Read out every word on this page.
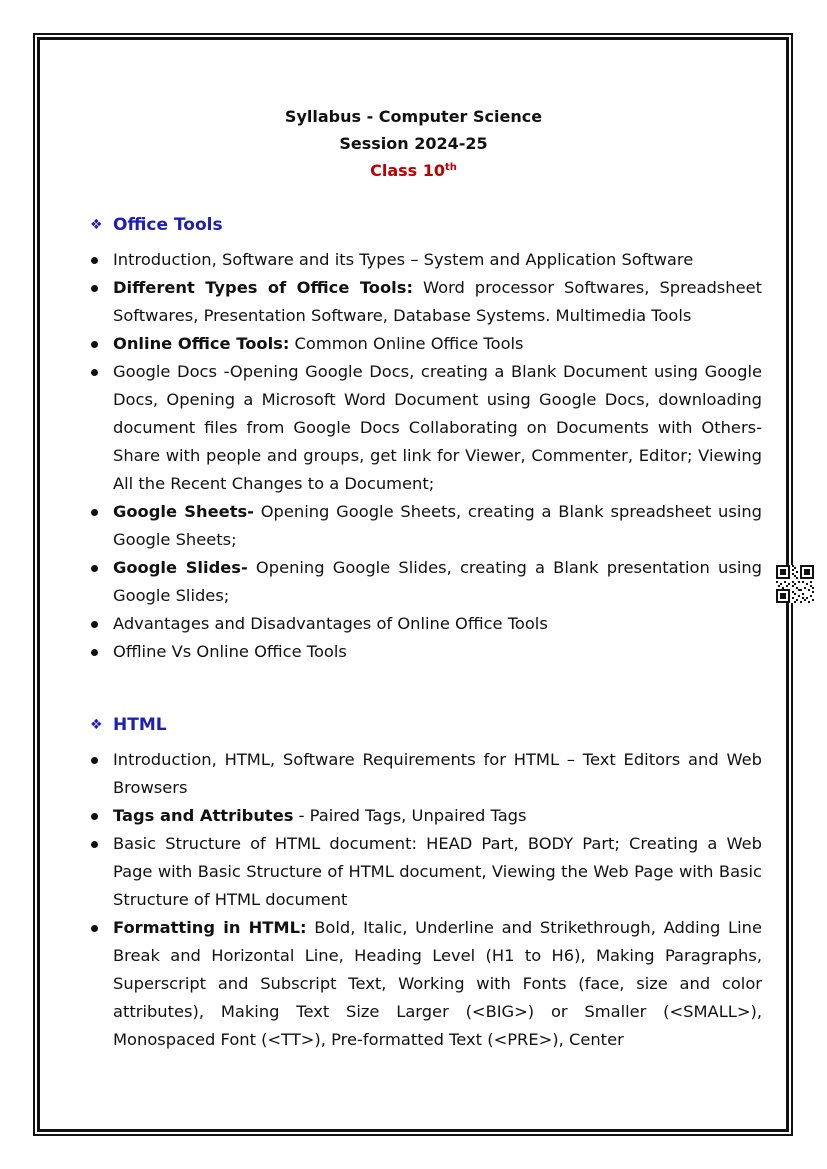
Syllabus - Computer Science
Session 2024-25
Class 10th
❖ Office Tools
Introduction, Software and its Types – System and Application Software
Different Types of Office Tools: Word processor Softwares, Spreadsheet Softwares, Presentation Software, Database Systems. Multimedia Tools
Online Office Tools: Common Online Office Tools
Google Docs -Opening Google Docs, creating a Blank Document using Google Docs, Opening a Microsoft Word Document using Google Docs, downloading document files from Google Docs Collaborating on Documents with Others- Share with people and groups, get link for Viewer, Commenter, Editor; Viewing All the Recent Changes to a Document;
Google Sheets- Opening Google Sheets, creating a Blank spreadsheet using Google Sheets;
Google Slides- Opening Google Slides, creating a Blank presentation using Google Slides;
Advantages and Disadvantages of Online Office Tools
Offline Vs Online Office Tools
❖ HTML
Introduction, HTML, Software Requirements for HTML – Text Editors and Web Browsers
Tags and Attributes - Paired Tags, Unpaired Tags
Basic Structure of HTML document: HEAD Part, BODY Part; Creating a Web Page with Basic Structure of HTML document, Viewing the Web Page with Basic Structure of HTML document
Formatting in HTML: Bold, Italic, Underline and Strikethrough, Adding Line Break and Horizontal Line, Heading Level (H1 to H6), Making Paragraphs, Superscript and Subscript Text, Working with Fonts (face, size and color attributes), Making Text Size Larger (<BIG>) or Smaller (<SMALL>), Monospaced Font (<TT>), Pre-formatted Text (<PRE>), Center
